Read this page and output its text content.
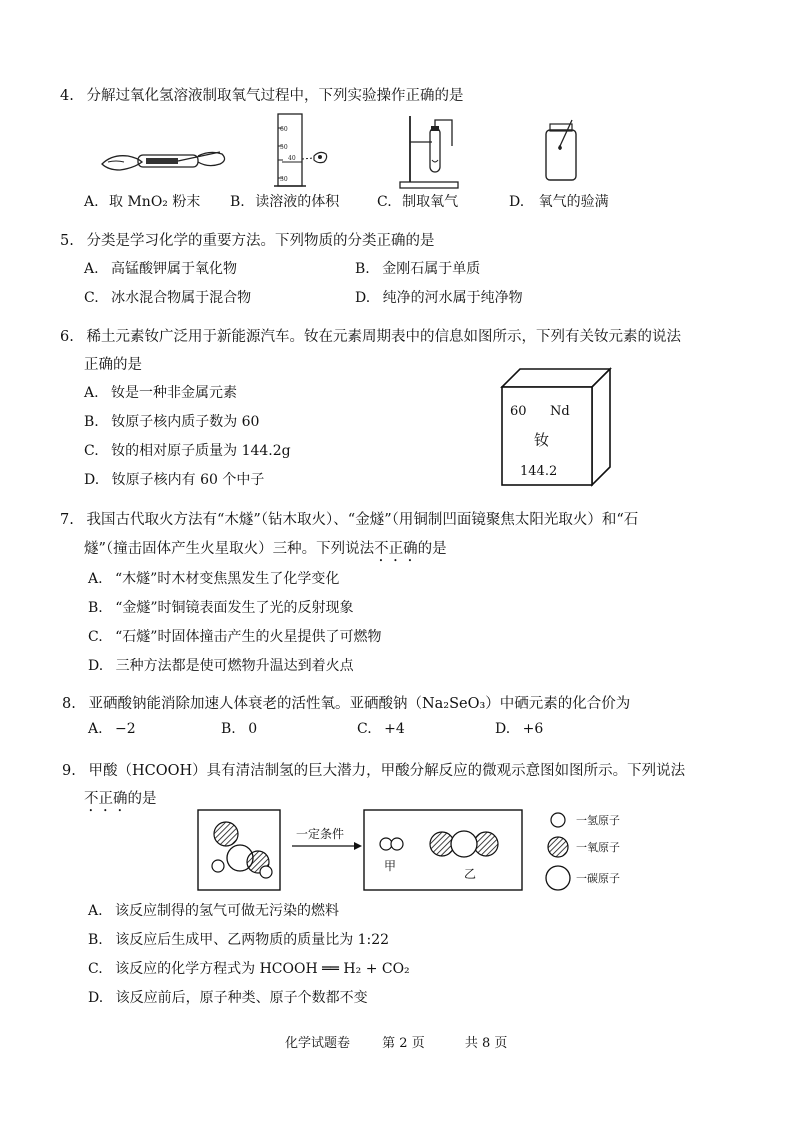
4. 分解过氧化氢溶液制取氧气过程中，下列实验操作正确的是
60
50
40
30
A. 取 MnO₂ 粉末 B. 读溶液的体积	C. 制取氧气	D. 氧气的验满
5. 分类是学习化学的重要方法。下列物质的分类正确的是
A. 高锰酸钾属于氧化物	B. 金刚石属于单质
C. 冰水混合物属于混合物	D. 纯净的河水属于纯净物
6. 稀土元素钕广泛用于新能源汽车。钕在元素周期表中的信息如图所示，下列有关钕元素的说法
正确的是
A. 钕是一种非金属元素
B. 钕原子核内质子数为 60
C. 钕的相对原子质量为 144.2g
D. 钕原子核内有 60 个中子
60 Nd
钕
144.2
7. 我国古代取火方法有“木燧”（钻木取火）、“金燧”（用铜制凹面镜聚焦太阳光取火）和“石
燧”（撞击固体产生火星取火）三种。下列说法不正确的是
A. “木燧”时木材变焦黑发生了化学变化
B. “金燧”时铜镜表面发生了光的反射现象
C. “石燧”时固体撞击产生的火星提供了可燃物
D. 三种方法都是使可燃物升温达到着火点
8. 亚硒酸钠能消除加速人体衰老的活性氧。亚硒酸钠（Na₂SeO₃）中硒元素的化合价为
A. −2	B. 0	C. +4	D. +6
9. 甲酸（HCOOH）具有清洁制氢的巨大潜力，甲酸分解反应的微观示意图如图所示。下列说法
不正确的是
一定条件
甲
乙
一氢原子
一氧原子
一碳原子
A. 该反应制得的氢气可做无污染的燃料
B. 该反应后生成甲、乙两物质的质量比为 1:22
C. 该反应的化学方程式为 HCOOH ══ H₂ + CO₂
D. 该反应前后，原子种类、原子个数都不变
化学试题卷 第 2 页	共 8 页
